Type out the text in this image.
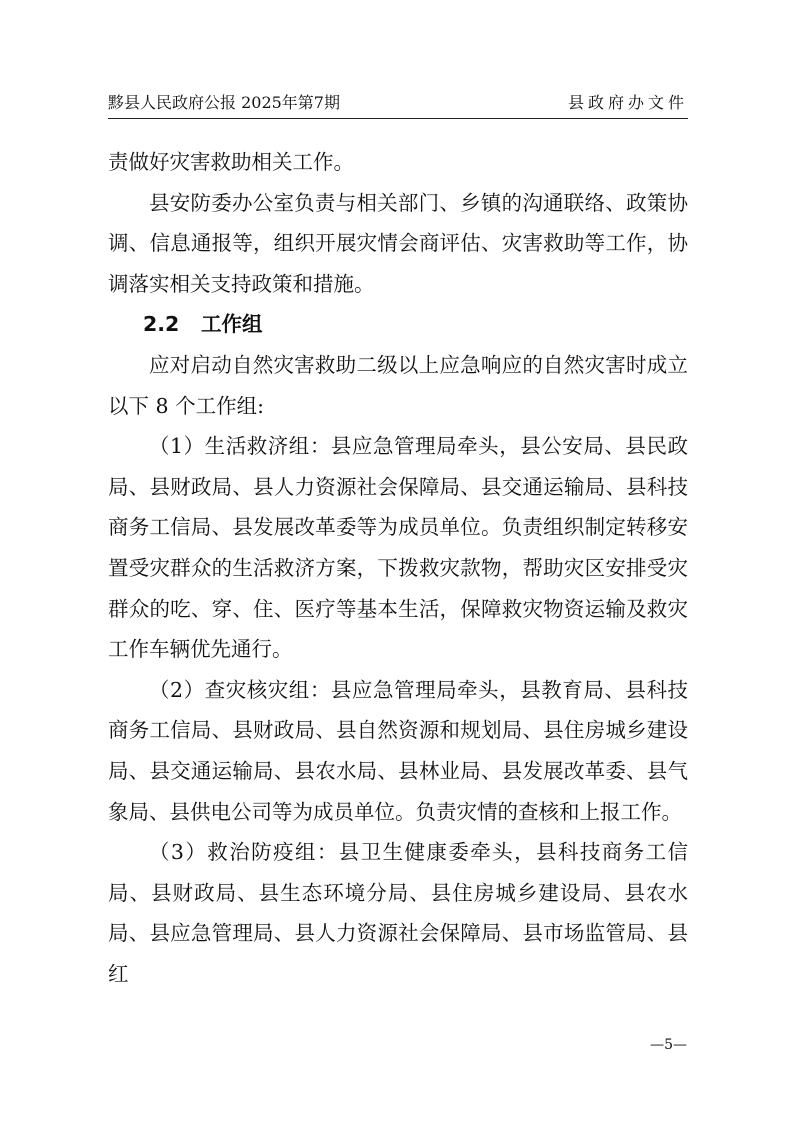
黟县人民政府公报 2025年第7期	县政府办文件

责做好灾害救助相关工作。

县安防委办公室负责与相关部门、乡镇的沟通联络、政策协调、信息通报等，组织开展灾情会商评估、灾害救助等工作，协调落实相关支持政策和措施。

2.2 工作组

应对启动自然灾害救助二级以上应急响应的自然灾害时成立以下 8 个工作组:

（1）生活救济组：县应急管理局牵头，县公安局、县民政局、县财政局、县人力资源社会保障局、县交通运输局、县科技商务工信局、县发展改革委等为成员单位。负责组织制定转移安置受灾群众的生活救济方案，下拨救灾款物，帮助灾区安排受灾群众的吃、穿、住、医疗等基本生活，保障救灾物资运输及救灾工作车辆优先通行。

（2）查灾核灾组：县应急管理局牵头，县教育局、县科技商务工信局、县财政局、县自然资源和规划局、县住房城乡建设局、县交通运输局、县农水局、县林业局、县发展改革委、县气象局、县供电公司等为成员单位。负责灾情的查核和上报工作。

（3）救治防疫组：县卫生健康委牵头，县科技商务工信局、县财政局、县生态环境分局、县住房城乡建设局、县农水局、县应急管理局、县人力资源社会保障局、县市场监管局、县红

—5—
